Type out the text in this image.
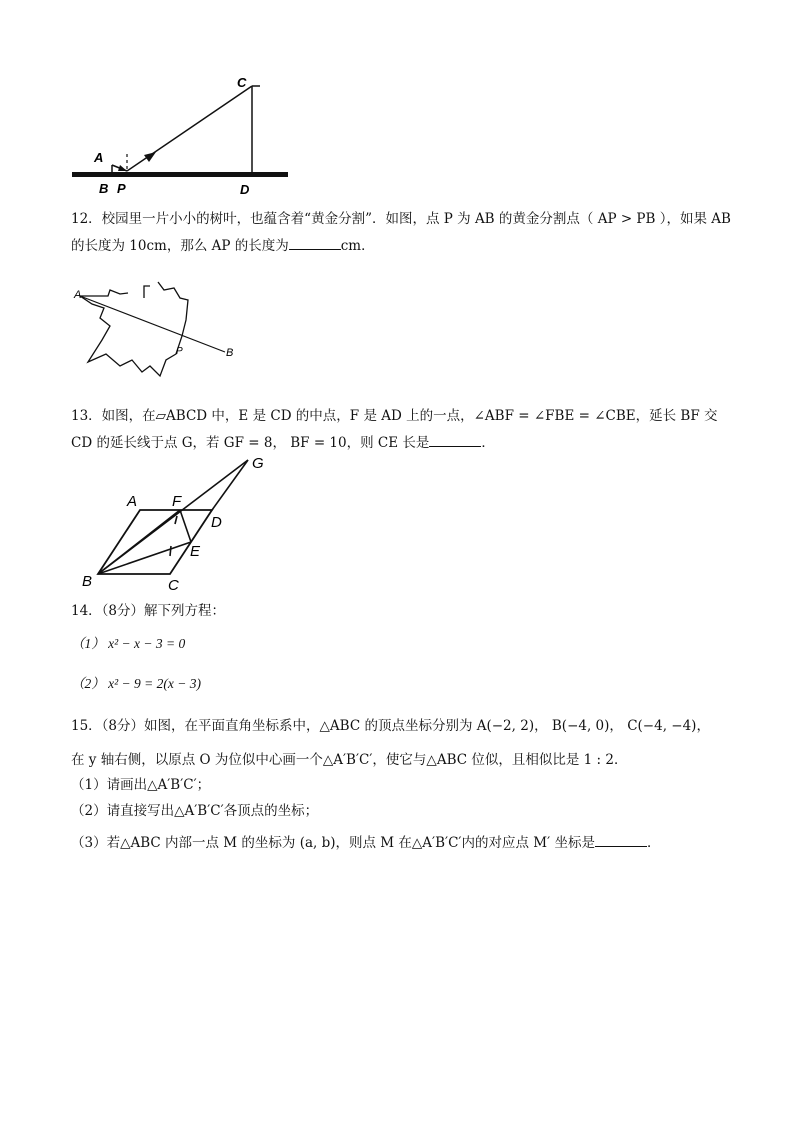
C
A
B P	D
12．校园里一片小小的树叶，也蕴含着“黄金分割”．如图，点 P 为 AB 的黄金分割点（ AP > PB ），如果 AB
的长度为 10cm，那么 AP 的长度为	cm．
A
P	B
13．如图，在▱ABCD 中，E 是 CD 的中点，F 是 AD 上的一点，∠ABF = ∠FBE = ∠CBE，延长 BF 交
CD 的延长线于点 G，若 GF = 8， BF = 10，则 CE 长是	．
G
A F
D
E
B	C
14．（8分）解下列方程：
（1） x² − x − 3 = 0
（2） x² − 9 = 2(x − 3)
15．（8分）如图，在平面直角坐标系中，△ABC 的顶点坐标分别为 A(−2, 2)， B(−4, 0)， C(−4, −4)，
在 y 轴右侧，以原点 O 为位似中心画一个△A′B′C′，使它与△ABC 位似，且相似比是 1 : 2．
（1）请画出△A′B′C′；
（2）请直接写出△A′B′C′各顶点的坐标；
（3）若△ABC 内部一点 M 的坐标为 (a, b)，则点 M 在△A′B′C′内的对应点 M′ 坐标是	．
